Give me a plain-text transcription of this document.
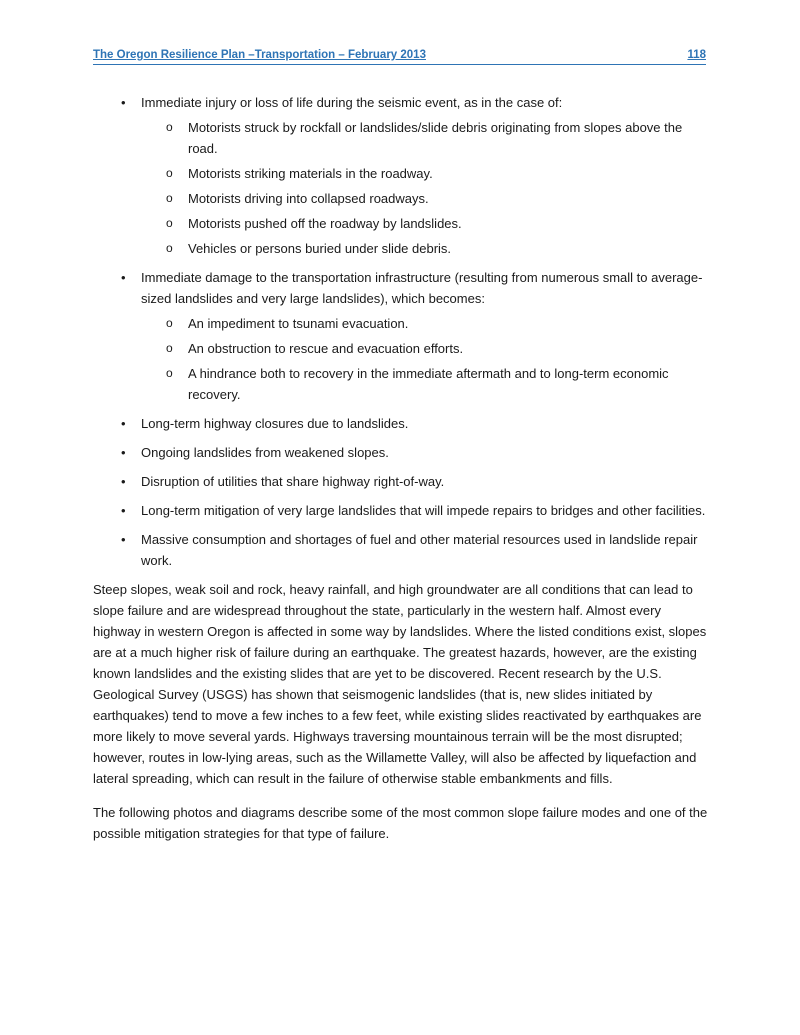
The Oregon Resilience Plan –Transportation – February 2013	118
• Immediate injury or loss of life during the seismic event, as in the case of:
o Motorists struck by rockfall or landslides/slide debris originating from slopes above the road.
o Motorists striking materials in the roadway.
o Motorists driving into collapsed roadways.
o Motorists pushed off the roadway by landslides.
o Vehicles or persons buried under slide debris.
• Immediate damage to the transportation infrastructure (resulting from numerous small to average-sized landslides and very large landslides), which becomes:
o An impediment to tsunami evacuation.
o An obstruction to rescue and evacuation efforts.
o A hindrance both to recovery in the immediate aftermath and to long-term economic recovery.
• Long-term highway closures due to landslides.
• Ongoing landslides from weakened slopes.
• Disruption of utilities that share highway right-of-way.
• Long-term mitigation of very large landslides that will impede repairs to bridges and other facilities.
• Massive consumption and shortages of fuel and other material resources used in landslide repair work.

Steep slopes, weak soil and rock, heavy rainfall, and high groundwater are all conditions that can lead to slope failure and are widespread throughout the state, particularly in the western half. Almost every highway in western Oregon is affected in some way by landslides. Where the listed conditions exist, slopes are at a much higher risk of failure during an earthquake. The greatest hazards, however, are the existing known landslides and the existing slides that are yet to be discovered. Recent research by the U.S. Geological Survey (USGS) has shown that seismogenic landslides (that is, new slides initiated by earthquakes) tend to move a few inches to a few feet, while existing slides reactivated by earthquakes are more likely to move several yards. Highways traversing mountainous terrain will be the most disrupted; however, routes in low-lying areas, such as the Willamette Valley, will also be affected by liquefaction and lateral spreading, which can result in the failure of otherwise stable embankments and fills.

The following photos and diagrams describe some of the most common slope failure modes and one of the possible mitigation strategies for that type of failure.
